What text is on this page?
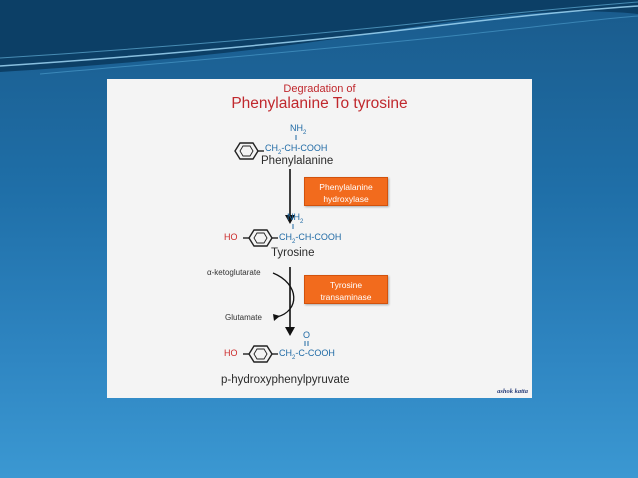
Degradation of
Phenylalanine To tyrosine
$NH_2$
$CH_2-CH$-COOH
Phenylalanine
Phenylalanine
hydroxylase
$NH_2$
HO	$CH_2-CH$-COOH
Tyrosine
α-ketoglutarate
Glutamate
Tyrosine
transaminase
O
HO	$CH_2-C$-COOH
p-hydroxyphenylpyruvate
ashok katta
